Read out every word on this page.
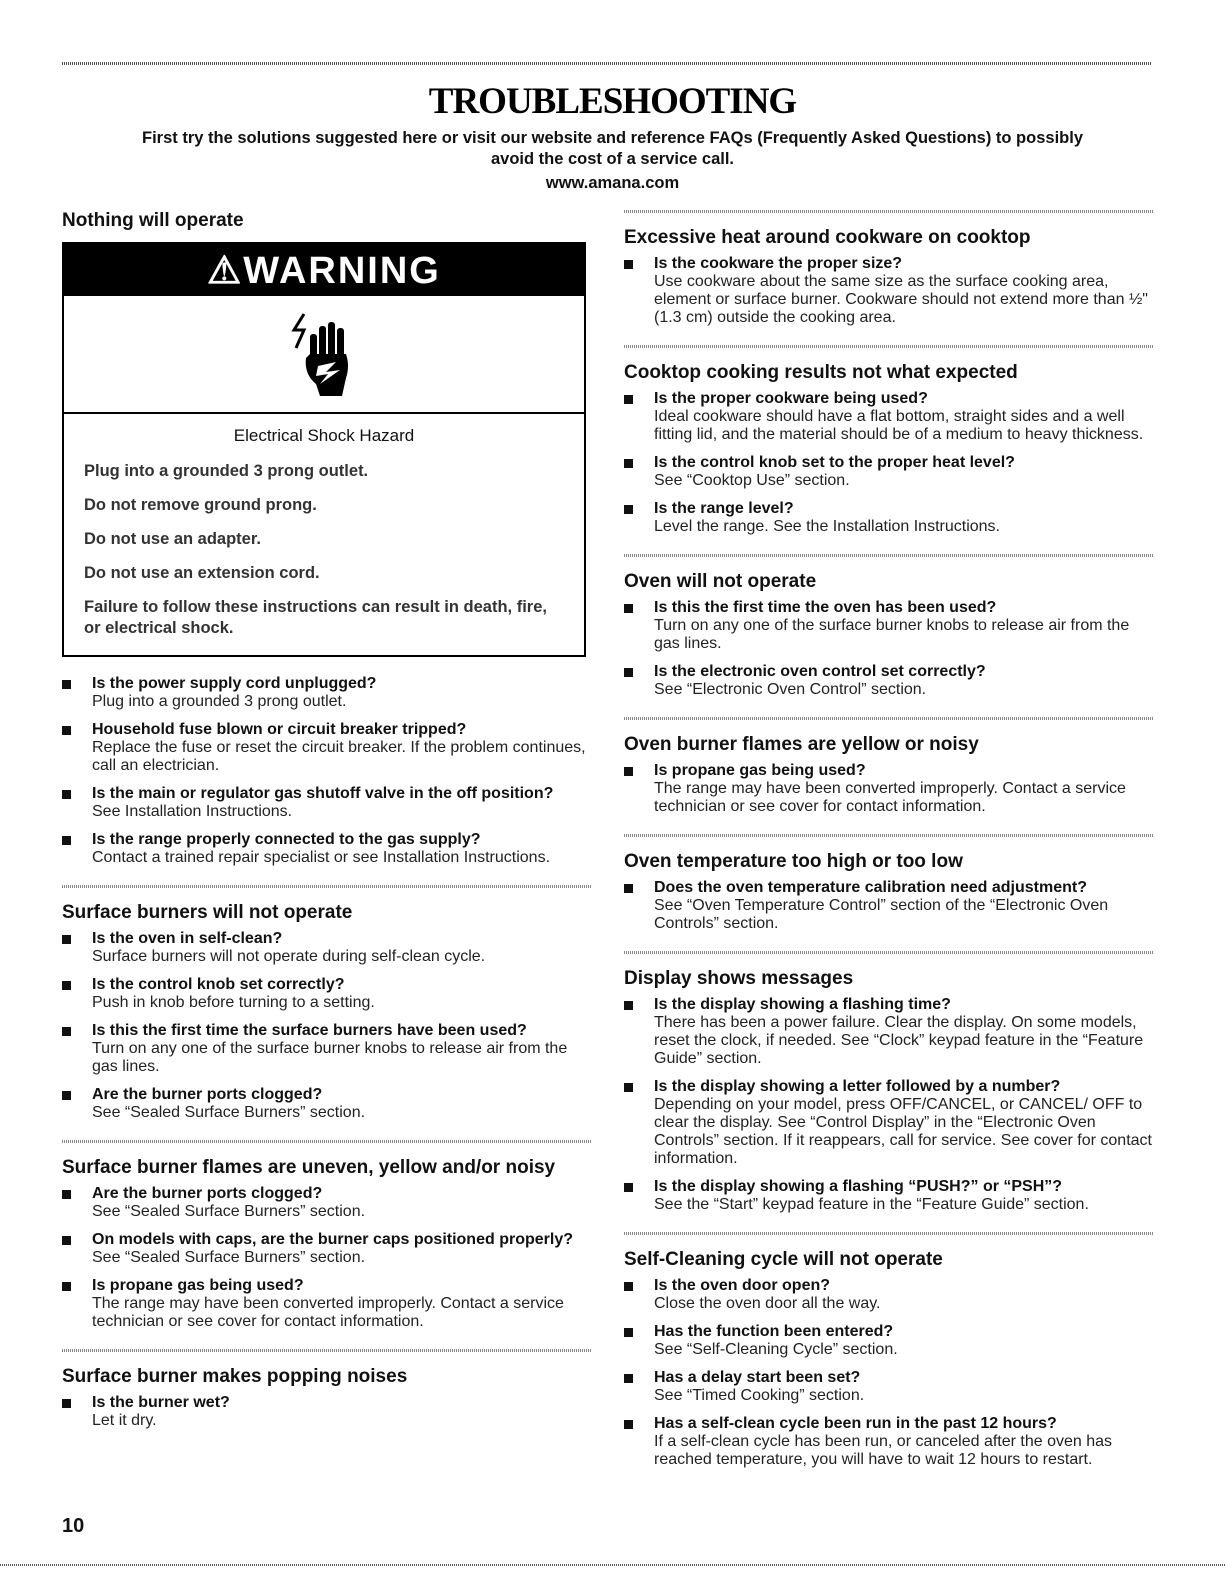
TROUBLESHOOTING
First try the solutions suggested here or visit our website and reference FAQs (Frequently Asked Questions) to possibly avoid the cost of a service call.
www.amana.com
Nothing will operate
⚠WARNING
Electrical Shock Hazard
Plug into a grounded 3 prong outlet.
Do not remove ground prong.
Do not use an adapter.
Do not use an extension cord.
Failure to follow these instructions can result in death, fire, or electrical shock.
Is the power supply cord unplugged?
Plug into a grounded 3 prong outlet.
Household fuse blown or circuit breaker tripped?
Replace the fuse or reset the circuit breaker. If the problem continues, call an electrician.
Is the main or regulator gas shutoff valve in the off position?
See Installation Instructions.
Is the range properly connected to the gas supply?
Contact a trained repair specialist or see Installation Instructions.
Surface burners will not operate
Is the oven in self-clean?
Surface burners will not operate during self-clean cycle.
Is the control knob set correctly?
Push in knob before turning to a setting.
Is this the first time the surface burners have been used?
Turn on any one of the surface burner knobs to release air from the gas lines.
Are the burner ports clogged?
See “Sealed Surface Burners” section.
Surface burner flames are uneven, yellow and/or noisy
Are the burner ports clogged?
See “Sealed Surface Burners” section.
On models with caps, are the burner caps positioned properly?
See “Sealed Surface Burners” section.
Is propane gas being used?
The range may have been converted improperly. Contact a service technician or see cover for contact information.
Surface burner makes popping noises
Is the burner wet?
Let it dry.
Excessive heat around cookware on cooktop
Is the cookware the proper size?
Use cookware about the same size as the surface cooking area, element or surface burner. Cookware should not extend more than ½" (1.3 cm) outside the cooking area.
Cooktop cooking results not what expected
Is the proper cookware being used?
Ideal cookware should have a flat bottom, straight sides and a well fitting lid, and the material should be of a medium to heavy thickness.
Is the control knob set to the proper heat level?
See “Cooktop Use” section.
Is the range level?
Level the range. See the Installation Instructions.
Oven will not operate
Is this the first time the oven has been used?
Turn on any one of the surface burner knobs to release air from the gas lines.
Is the electronic oven control set correctly?
See “Electronic Oven Control” section.
Oven burner flames are yellow or noisy
Is propane gas being used?
The range may have been converted improperly. Contact a service technician or see cover for contact information.
Oven temperature too high or too low
Does the oven temperature calibration need adjustment?
See “Oven Temperature Control” section of the “Electronic Oven Controls” section.
Display shows messages
Is the display showing a flashing time?
There has been a power failure. Clear the display. On some models, reset the clock, if needed. See “Clock” keypad feature in the “Feature Guide” section.
Is the display showing a letter followed by a number?
Depending on your model, press OFF/CANCEL, or CANCEL/ OFF to clear the display. See “Control Display” in the “Electronic Oven Controls” section. If it reappears, call for service. See cover for contact information.
Is the display showing a flashing “PUSH?” or “PSH”?
See the “Start” keypad feature in the “Feature Guide” section.
Self-Cleaning cycle will not operate
Is the oven door open?
Close the oven door all the way.
Has the function been entered?
See “Self-Cleaning Cycle” section.
Has a delay start been set?
See “Timed Cooking” section.
Has a self-clean cycle been run in the past 12 hours?
If a self-clean cycle has been run, or canceled after the oven has reached temperature, you will have to wait 12 hours to restart.
10
